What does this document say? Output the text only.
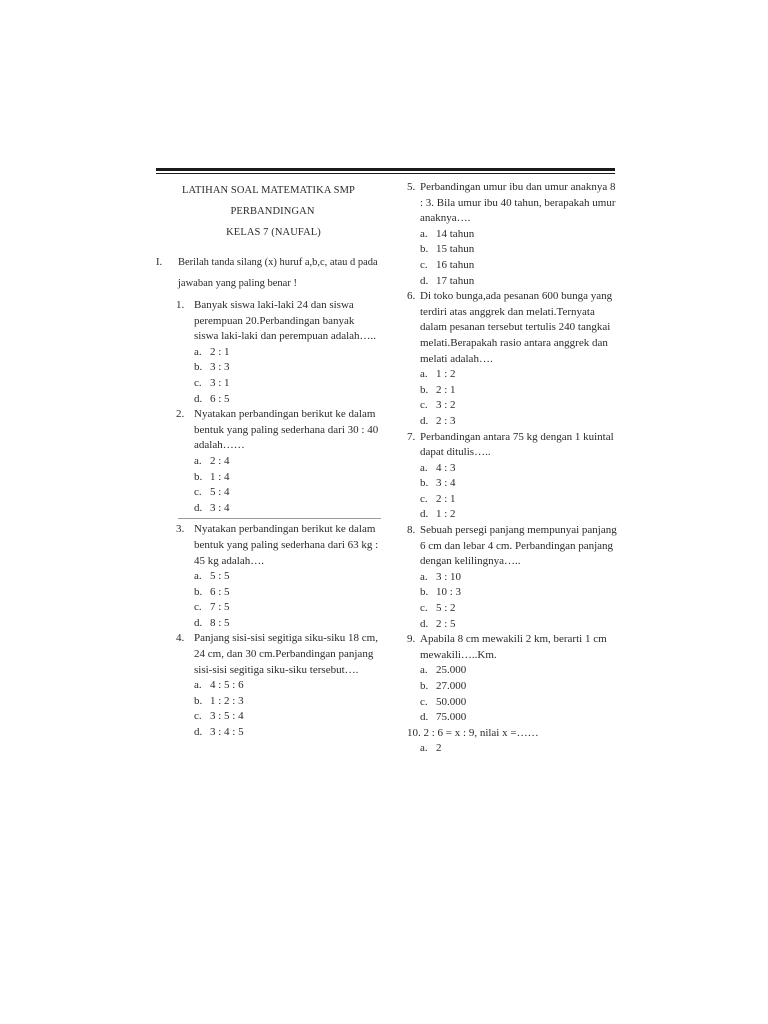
LATIHAN SOAL MATEMATIKA SMP
PERBANDINGAN
KELAS 7 (NAUFAL)
I. Berilah tanda silang (x) huruf a,b,c, atau d pada jawaban yang paling benar !
1. Banyak siswa laki-laki 24 dan siswa perempuan 20.Perbandingan banyak siswa laki-laki dan perempuan adalah…..
a. 2 : 1
b. 3 : 3
c. 3 : 1
d. 6 : 5
2. Nyatakan perbandingan berikut ke dalam bentuk yang paling sederhana dari 30 : 40 adalah……
a. 2 : 4
b. 1 : 4
c. 5 : 4
d. 3 : 4
3. Nyatakan perbandingan berikut ke dalam bentuk yang paling sederhana dari 63 kg : 45 kg adalah….
a. 5 : 5
b. 6 : 5
c. 7 : 5
d. 8 : 5
4. Panjang sisi-sisi segitiga siku-siku 18 cm, 24 cm, dan 30 cm.Perbandingan panjang sisi-sisi segitiga siku-siku tersebut….
a. 4 : 5 : 6
b. 1 : 2 : 3
c. 3 : 5 : 4
d. 3 : 4 : 5
5. Perbandingan umur ibu dan umur anaknya 8 : 3. Bila umur ibu 40 tahun, berapakah umur anaknya….
a. 14 tahun
b. 15 tahun
c. 16 tahun
d. 17 tahun
6. Di toko bunga,ada pesanan 600 bunga yang terdiri atas anggrek dan melati.Ternyata dalam pesanan tersebut tertulis 240 tangkai melati.Berapakah rasio antara anggrek dan melati adalah….
a. 1 : 2
b. 2 : 1
c. 3 : 2
d. 2 : 3
7. Perbandingan antara 75 kg dengan 1 kuintal dapat ditulis…..
a. 4 : 3
b. 3 : 4
c. 2 : 1
d. 1 : 2
8. Sebuah persegi panjang mempunyai panjang 6 cm dan lebar 4 cm. Perbandingan panjang dengan kelilingnya…..
a. 3 : 10
b. 10 : 3
c. 5 : 2
d. 2 : 5
9. Apabila 8 cm mewakili 2 km, berarti 1 cm mewakili…..Km.
a. 25.000
b. 27.000
c. 50.000
d. 75.000
10. 2 : 6 = x : 9, nilai x =……
a. 2
